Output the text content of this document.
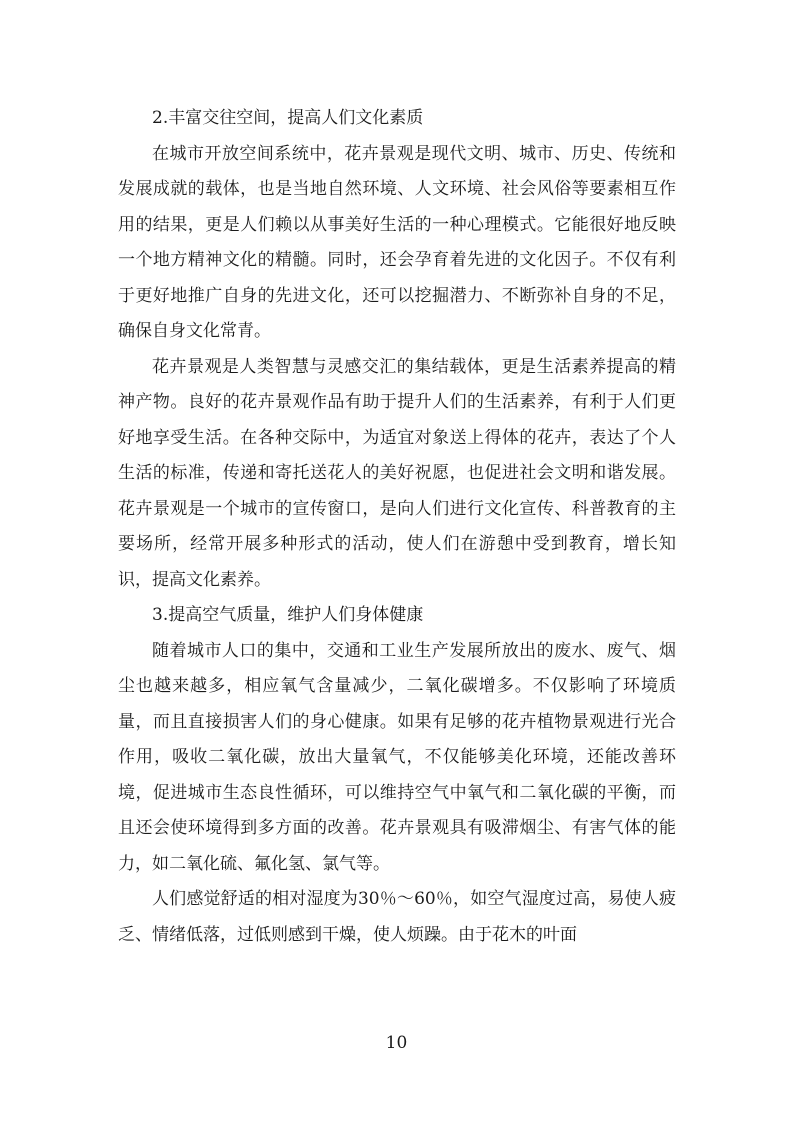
2.丰富交往空间，提高人们文化素质

在城市开放空间系统中，花卉景观是现代文明、城市、历史、传统和发展成就的载体，也是当地自然环境、人文环境、社会风俗等要素相互作用的结果，更是人们赖以从事美好生活的一种心理模式。它能很好地反映一个地方精神文化的精髓。同时，还会孕育着先进的文化因子。不仅有利于更好地推广自身的先进文化，还可以挖掘潜力、不断弥补自身的不足，确保自身文化常青。

花卉景观是人类智慧与灵感交汇的集结载体，更是生活素养提高的精神产物。良好的花卉景观作品有助于提升人们的生活素养，有利于人们更好地享受生活。在各种交际中，为适宜对象送上得体的花卉，表达了个人生活的标准，传递和寄托送花人的美好祝愿，也促进社会文明和谐发展。花卉景观是一个城市的宣传窗口，是向人们进行文化宣传、科普教育的主要场所，经常开展多种形式的活动，使人们在游憩中受到教育，增长知识，提高文化素养。

3.提高空气质量，维护人们身体健康

随着城市人口的集中，交通和工业生产发展所放出的废水、废气、烟尘也越来越多，相应氧气含量减少，二氧化碳增多。不仅影响了环境质量，而且直接损害人们的身心健康。如果有足够的花卉植物景观进行光合作用，吸收二氧化碳，放出大量氧气，不仅能够美化环境，还能改善环境，促进城市生态良性循环，可以维持空气中氧气和二氧化碳的平衡，而且还会使环境得到多方面的改善。花卉景观具有吸滞烟尘、有害气体的能力，如二氧化硫、氟化氢、氯气等。

人们感觉舒适的相对湿度为30％～60％，如空气湿度过高，易使人疲乏、情绪低落，过低则感到干燥，使人烦躁。由于花木的叶面

10
